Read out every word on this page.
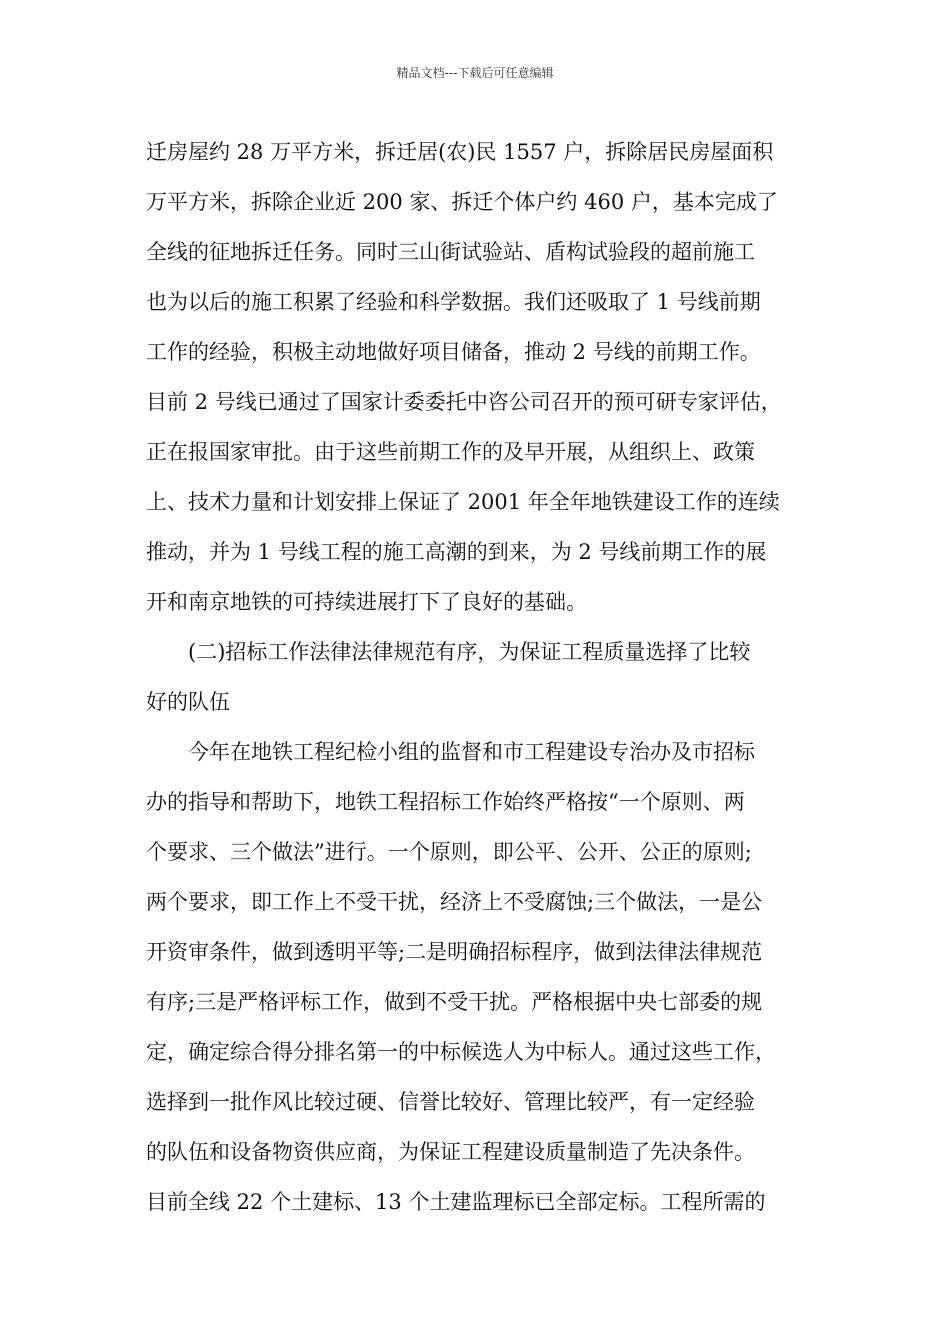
精品文档---下载后可任意编辑
迁房屋约 28 万平方米，拆迁居(农)民 1557 户，拆除居民房屋面积
万平方米，拆除企业近 200 家、拆迁个体户约 460 户，基本完成了
全线的征地拆迁任务。同时三山街试验站、盾构试验段的超前施工
也为以后的施工积累了经验和科学数据。我们还吸取了 1 号线前期
工作的经验，积极主动地做好项目储备，推动 2 号线的前期工作。
目前 2 号线已通过了国家计委委托中咨公司召开的预可研专家评估，
正在报国家审批。由于这些前期工作的及早开展，从组织上、政策
上、技术力量和计划安排上保证了 2001 年全年地铁建设工作的连续
推动，并为 1 号线工程的施工高潮的到来，为 2 号线前期工作的展
开和南京地铁的可持续进展打下了良好的基础。
(二)招标工作法律法律规范有序，为保证工程质量选择了比较
好的队伍
今年在地铁工程纪检小组的监督和市工程建设专治办及市招标
办的指导和帮助下，地铁工程招标工作始终严格按“一个原则、两
个要求、三个做法”进行。一个原则，即公平、公开、公正的原则;
两个要求，即工作上不受干扰，经济上不受腐蚀;三个做法，一是公
开资审条件，做到透明平等;二是明确招标程序，做到法律法律规范
有序;三是严格评标工作，做到不受干扰。严格根据中央七部委的规
定，确定综合得分排名第一的中标候选人为中标人。通过这些工作，
选择到一批作风比较过硬、信誉比较好、管理比较严，有一定经验
的队伍和设备物资供应商，为保证工程建设质量制造了先决条件。
目前全线 22 个土建标、13 个土建监理标已全部定标。工程所需的
